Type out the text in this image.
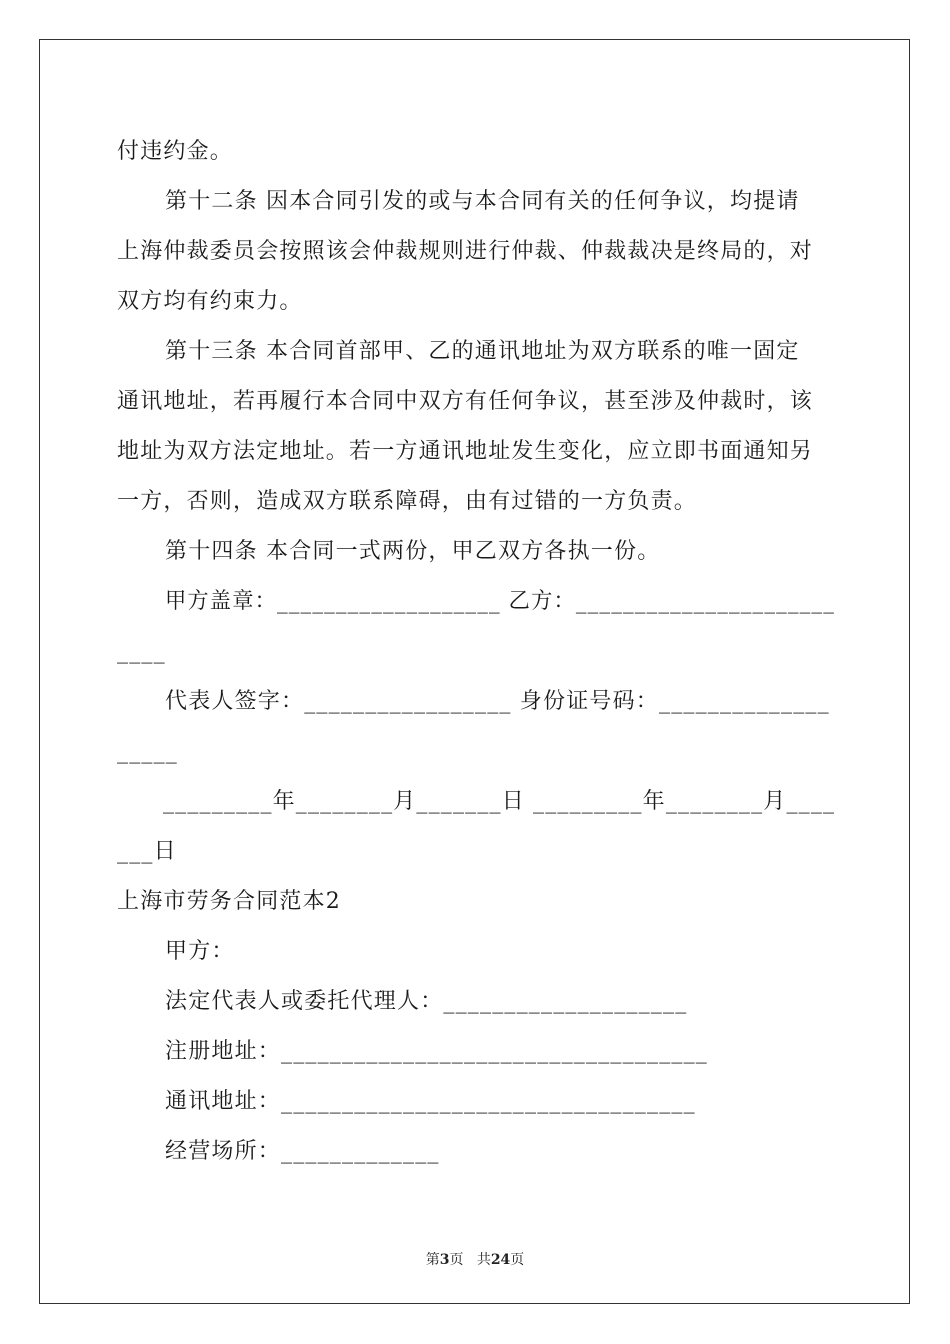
付违约金。
第十二条 因本合同引发的或与本合同有关的任何争议，均提请
上海仲裁委员会按照该会仲裁规则进行仲裁、仲裁裁决是终局的，对
双方均有约束力。
第十三条 本合同首部甲、乙的通讯地址为双方联系的唯一固定
通讯地址，若再履行本合同中双方有任何争议，甚至涉及仲裁时，该
地址为双方法定地址。若一方通讯地址发生变化，应立即书面通知另
一方，否则，造成双方联系障碍，由有过错的一方负责。
第十四条 本合同一式两份，甲乙双方各执一份。
甲方盖章：___________________ 乙方：______________________
____
代表人签字：_________________ 身份证号码：______________
_____
_________年________月_______日 _________年________月____
___日
上海市劳务合同范本2
甲方：
法定代表人或委托代理人：____________________
注册地址：___________________________________
通讯地址：__________________________________
经营场所：_____________
第3页 共24页
